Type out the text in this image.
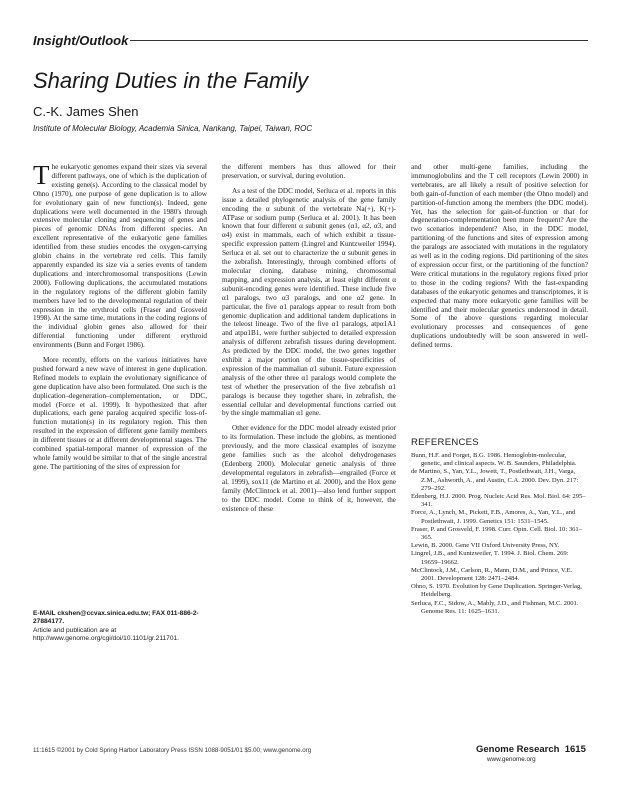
Insight/Outlook
Sharing Duties in the Family
C.-K. James Shen
Institute of Molecular Biology, Academia Sinica, Nankang, Taipei, Taiwan, ROC

The eukaryotic genomes expand their sizes via several different pathways, one of which is the duplication of existing gene(s). According to the classical model by Ohno (1970), one purpose of gene duplication is to allow for evolutionary gain of new function(s). Indeed, gene duplications were well documented in the 1980's through extensive molecular cloning and sequencing of genes and pieces of genomic DNAs from different species. An excellent representative of the eukaryotic gene families identified from these studies encodes the oxygen-carrying globin chains in the vertebrate red cells. This family apparently expanded its size via a series events of tandem duplications and interchromosomal transpositions (Lewin 2000). Following duplications, the accumulated mutations in the regulatory regions of the different globin family members have led to the developmental regulation of their expression in the erythroid cells (Fraser and Grosveld 1998). At the same time, mutations in the coding regions of the individual globin genes also allowed for their differential functioning under different erythroid environments (Bunn and Forget 1986).

More recently, efforts on the various initiatives have pushed forward a new wave of interest in gene duplication. Refined models to explain the evolutionary significance of gene duplication have also been formulated. One such is the duplication–degeneration–complementation, or DDC, model (Force et al. 1999). It hypothesized that after duplications, each gene paralog acquired specific loss-of-function mutation(s) in its regulatory region. This then resulted in the expression of different gene family members in different tissues or at different developmental stages. The combined spatial-temporal manner of expression of the whole family would be similar to that of the single ancestral gene. The partitioning of the sites of expression for

E-MAIL ckshen@ccvax.sinica.edu.tw; FAX 011-886-2-27884177.
Article and publication are at http://www.genome.org/cgi/doi/10.1101/gr.211701.

the different members has thus allowed for their preservation, or survival, during evolution.

As a test of the DDC model, Serluca et al. reports in this issue a detailed phylogenetic analysis of the gene family encoding the α subunit of the vertebrate Na(+), K(+)-ATPase or sodium pump (Serluca et al. 2001). It has been known that four different α subunit genes (α1, α2, α3, and α4) exist in mammals, each of which exhibit a tissue-specific expression pattern (Lingrel and Kuntzweiler 1994). Serluca et al. set out to characterize the α subunit genes in the zebrafish. Interestingly, through combined efforts of molecular cloning, database mining, chromosomal mapping, and expression analysis, at least eight different α subunit-encoding genes were identified. These include five α1 paralogs, two α3 paralogs, and one α2 gene. In particular, the five α1 paralogs appear to result from both genomic duplication and additional tandem duplications in the teleost lineage. Two of the five α1 paralogs, atpα1A1 and atpα1B1, were further subjected to detailed expression analysis of different zebrafish tissues during development. As predicted by the DDC model, the two genes together exhibit a major portion of the tissue-specificities of expression of the mammalian α1 subunit. Future expression analysis of the other three α1 paralogs would complete the test of whether the preservation of the five zebrafish α1 paralogs is because they together share, in zebrafish, the essential cellular and developmental functions carried out by the single mammalian α1 gene.

Other evidence for the DDC model already existed prior to its formulation. These include the globins, as mentioned previously, and the more classical examples of isozyme gene families such as the alcohol dehydrogenases (Edenberg 2000). Molecular genetic analysis of three developmental regulators in zebrafish—engrailed (Force et al. 1999), sox11 (de Martino et al. 2000), and the Hox gene family (McClintock et al. 2001)—also lend further support to the DDC model. Come to think of it, however, the existence of these

and other multi-gene families, including the immunoglobulins and the T cell receptors (Lewin 2000) in vertebrates, are all likely a result of positive selection for both gain-of-function of each member (the Ohno model) and partition-of-function among the members (the DDC model). Yet, has the selection for gain-of-function or that for degeneration-complementation been more frequent? Are the two scenarios independent? Also, in the DDC model, partitioning of the functions and sites of expression among the paralogs are associated with mutations in the regulatory as well as in the coding regions. Did partitioning of the sites of expression occur first, or the partitioning of the function? Were critical mutations in the regulatory regions fixed prior to those in the coding regions? With the fast-expanding databases of the eukaryotic genomes and transcriptomes, it is expected that many more eukaryotic gene families will be identified and their molecular genetics understood in detail. Some of the above questions regarding molecular evolutionary processes and consequences of gene duplications undoubtedly will be soon answered in well-defined terms.

REFERENCES

Bunn, H.F. and Forget, B.G. 1986. Hemoglobin-molecular, genetic, and clinical aspects. W. B. Saunders, Philadelphia.

de Martino, S., Yan, Y.L., Jowett, T., Postlethwait, J.H., Varga, Z.M., Ashworth, A., and Austin, C.A. 2000. Dev. Dyn. 217: 279–292.

Edenberg, H.J. 2000. Prog. Nucleic Acid Res. Mol. Biol. 64: 295–341.

Force, A., Lynch, M., Pickett, F.B., Amores, A., Yan, Y.L., and Postlethwait, J. 1999. Genetics 151: 1531–1545.

Fraser, P. and Grosveld, F. 1998. Curr. Opin. Cell. Biol. 10: 361–365.

Lewin, B. 2000. Gene VII Oxford University Press, NY.

Lingrel, J.B., and Kuntzweiler, T. 1994. J. Biol. Chem. 269: 19659–19662.

McClintock, J.M., Carlson, R., Mann, D.M., and Prince, V.E. 2001. Development 128: 2471–2484.

Ohno, S. 1970. Evolution by Gene Duplication. Springer-Verlag, Heidelberg.

Serluca, F.C., Sidow, A., Mably, J.D., and Fishman, M.C. 2001. Genome Res. 11: 1625–1631.

11:1615 ©2001 by Cold Spring Harbor Laboratory Press ISSN 1088-9051/01 $5.00; www.genome.org	Genome Research 1615
www.genome.org
